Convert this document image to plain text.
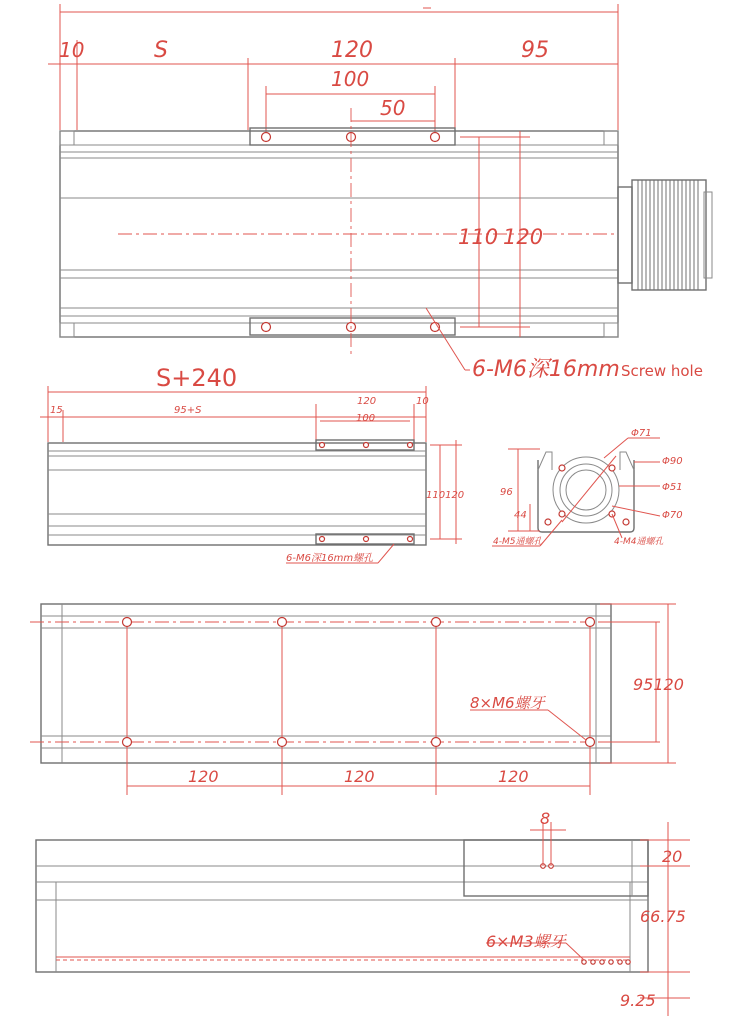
10	S	120	95
100
50
110 120
6-M6深16mm Screw hole
S+240
15	95+S
120	10
100
110120
6-M6深16mm螺孔
96
44
Φ71
Φ90
Φ51
Φ70
4-M5通螺孔	4-M4通螺孔
120	120	120
95120
8×M6螺牙
8
6×M3螺牙
20
66.75
9.25
